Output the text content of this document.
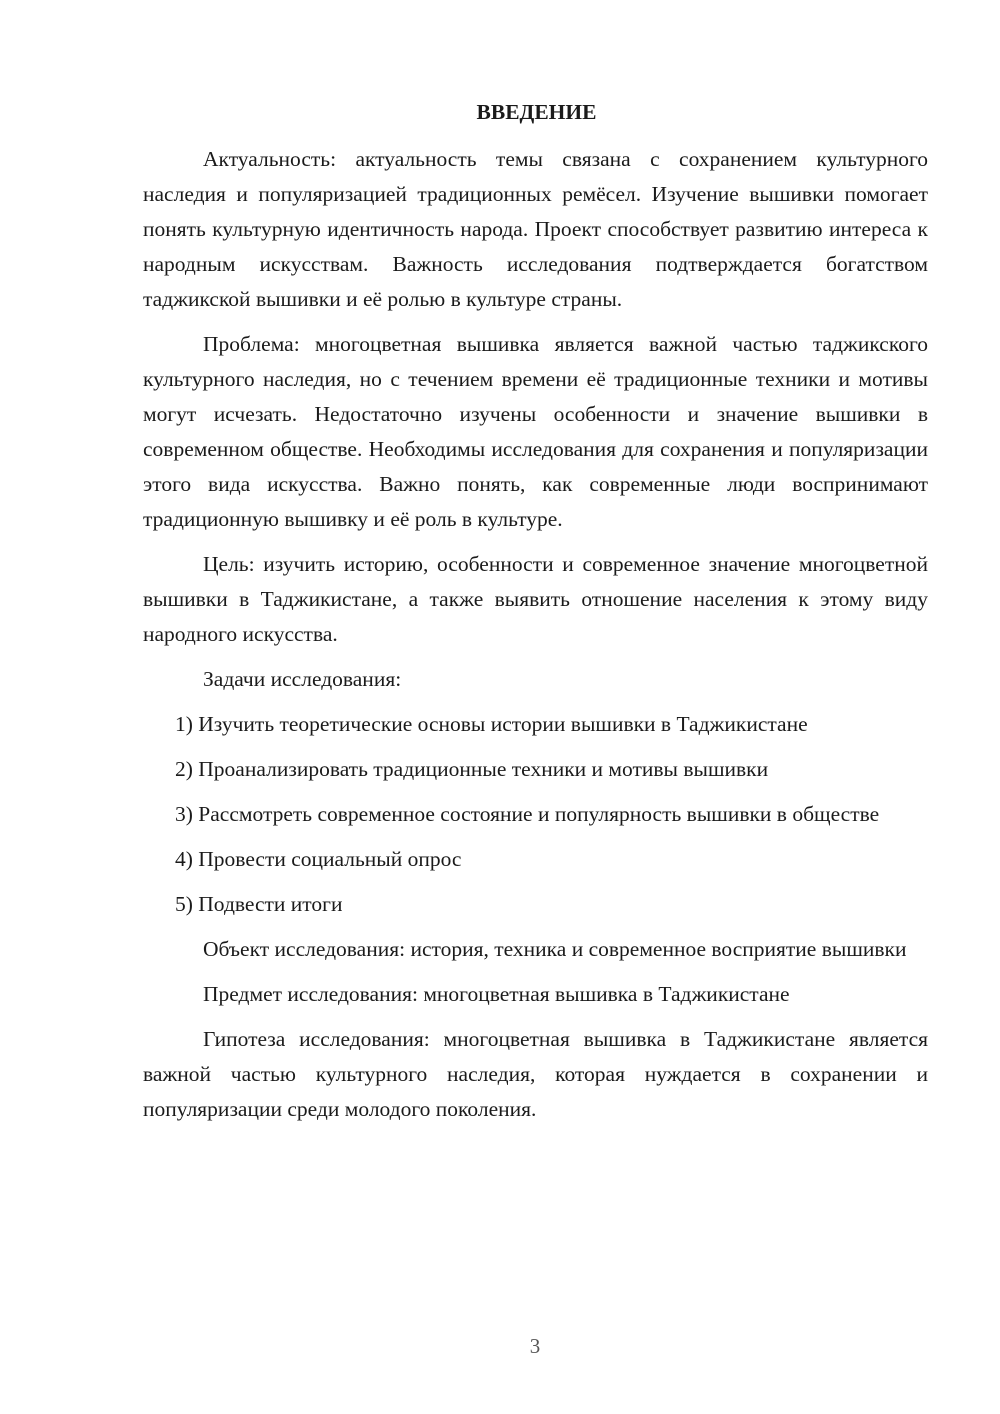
ВВЕДЕНИЕ

Актуальность: актуальность темы связана с сохранением культурного наследия и популяризацией традиционных ремёсел. Изучение вышивки помогает понять культурную идентичность народа. Проект способствует развитию интереса к народным искусствам. Важность исследования подтверждается богатством таджикской вышивки и её ролью в культуре страны.

Проблема: многоцветная вышивка является важной частью таджикского культурного наследия, но с течением времени её традиционные техники и мотивы могут исчезать. Недостаточно изучены особенности и значение вышивки в современном обществе. Необходимы исследования для сохранения и популяризации этого вида искусства. Важно понять, как современные люди воспринимают традиционную вышивку и её роль в культуре.

Цель: изучить историю, особенности и современное значение многоцветной вышивки в Таджикистане, а также выявить отношение населения к этому виду народного искусства.

Задачи исследования:

1) Изучить теоретические основы истории вышивки в Таджикистане

2) Проанализировать традиционные техники и мотивы вышивки

3) Рассмотреть современное состояние и популярность вышивки в обществе

4) Провести социальный опрос

5) Подвести итоги

Объект исследования: история, техника и современное восприятие вышивки

Предмет исследования: многоцветная вышивка в Таджикистане

Гипотеза исследования: многоцветная вышивка в Таджикистане является важной частью культурного наследия, которая нуждается в сохранении и популяризации среди молодого поколения.

3
